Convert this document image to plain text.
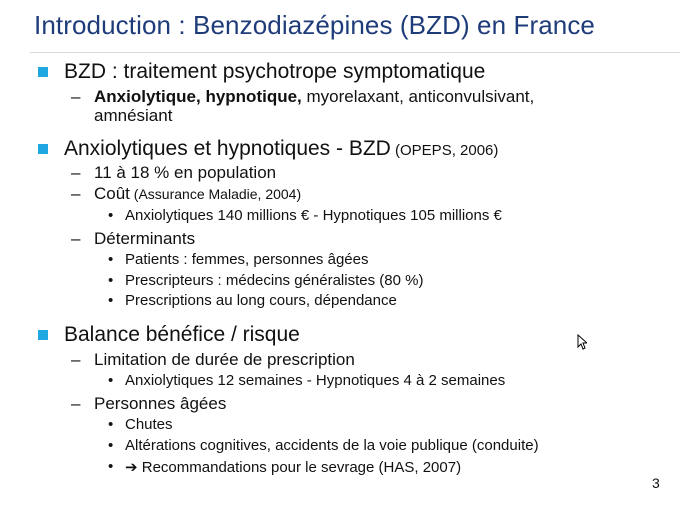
Introduction : Benzodiazépines (BZD) en France
BZD : traitement psychotrope symptomatique
– Anxiolytique, hypnotique, myorelaxant, anticonvulsivant,
amnésiant
Anxiolytiques et hypnotiques - BZD (OPEPS, 2006)
– 11 à 18 % en population
– Coût (Assurance Maladie, 2004)
• Anxiolytiques 140 millions € - Hypnotiques 105 millions €
– Déterminants
• Patients : femmes, personnes âgées
• Prescripteurs : médecins généralistes (80 %)
• Prescriptions au long cours, dépendance
Balance bénéfice / risque
– Limitation de durée de prescription
• Anxiolytiques 12 semaines - Hypnotiques 4 à 2 semaines
– Personnes âgées
• Chutes
• Altérations cognitives, accidents de la voie publique (conduite)
• ➔ Recommandations pour le sevrage (HAS, 2007)
3
